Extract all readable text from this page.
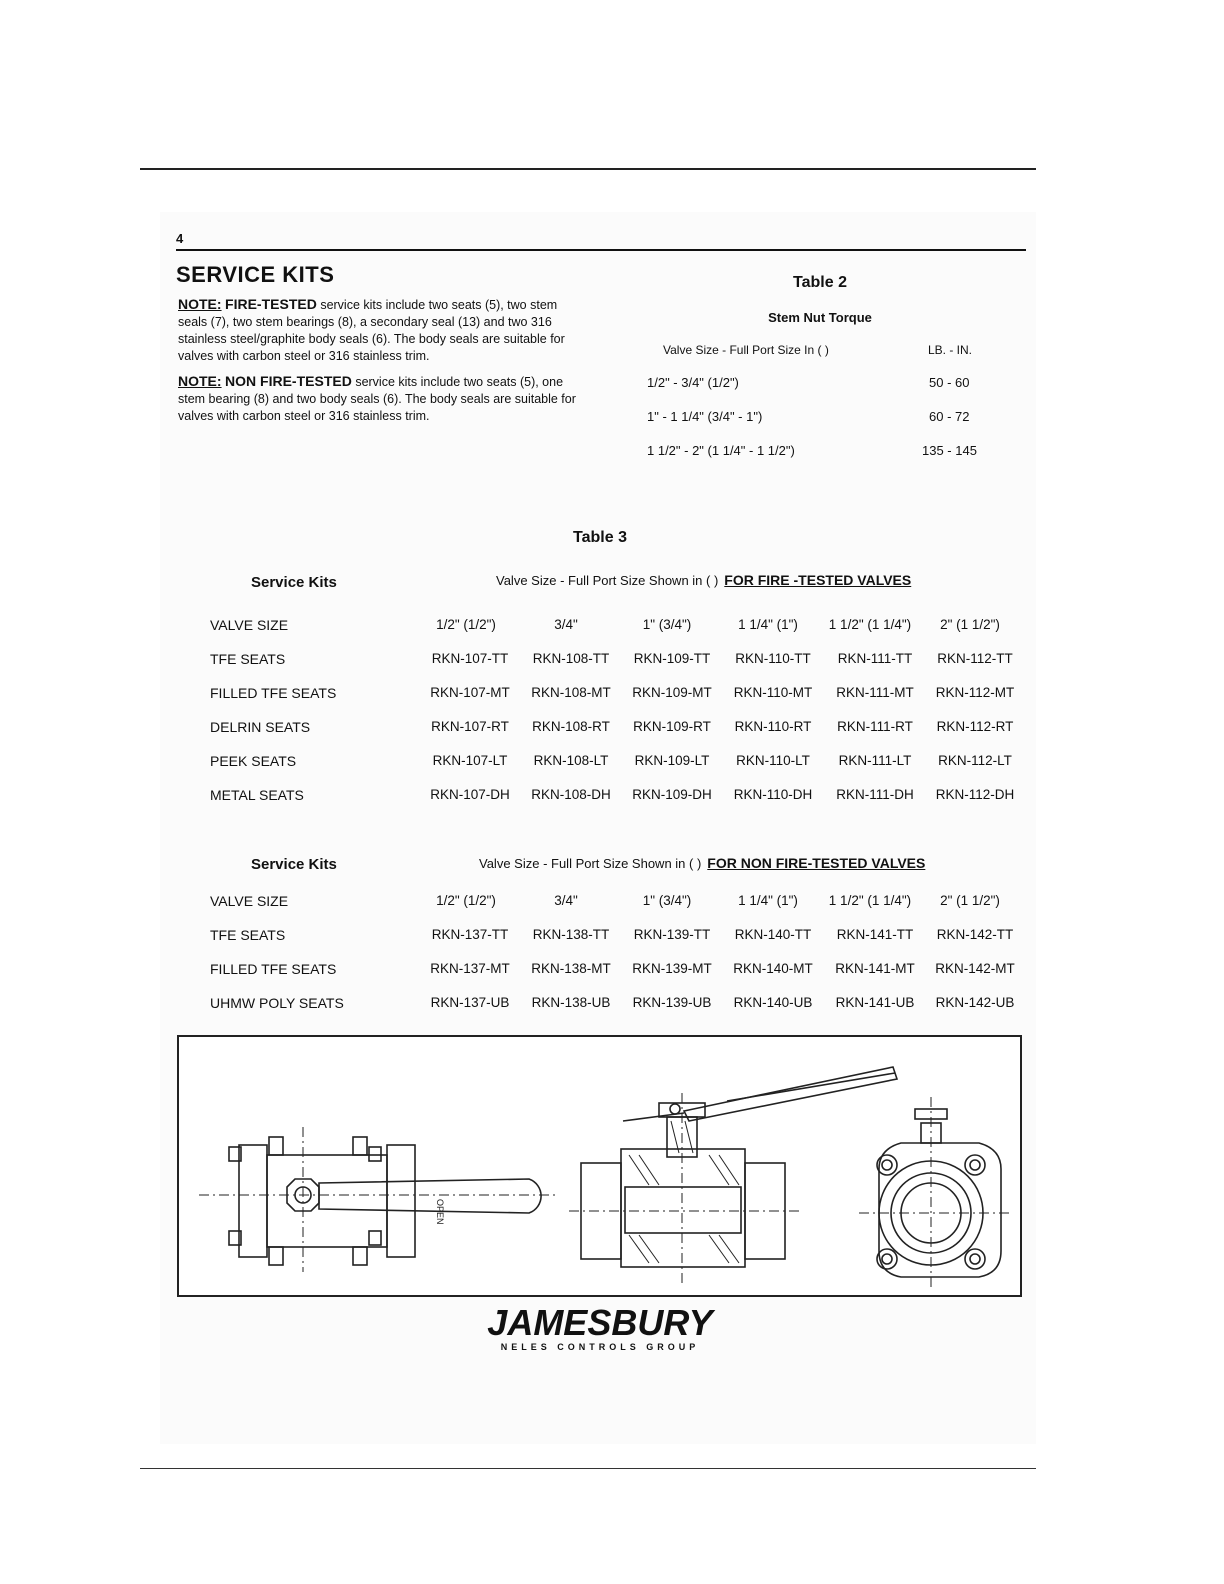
4
SERVICE KITS
NOTE: FIRE-TESTED service kits include two seats (5), two stem seals (7), two stem bearings (8), a secondary seal (13) and two 316 stainless steel/graphite body seals (6). The body seals are suitable for valves with carbon steel or 316 stainless trim.
NOTE: NON FIRE-TESTED service kits include two seats (5), one stem bearing (8) and two body seals (6). The body seals are suitable for valves with carbon steel or 316 stainless trim.
Table 2
Stem Nut Torque
Valve Size - Full Port Size In ( )	LB. - IN.
1/2" - 3/4" (1/2")	50 - 60
1" - 1 1/4" (3/4" - 1")	60 - 72
1 1/2" - 2" (1 1/4" - 1 1/2")	135 - 145
Table 3
Service Kits	Valve Size - Full Port Size Shown in ( ) FOR FIRE -TESTED VALVES
VALVE SIZE	1/2" (1/2")	3/4"	1" (3/4")	1 1/4" (1")	1 1/2" (1 1/4")	2" (1 1/2")
TFE SEATS	RKN-107-TT	RKN-108-TT	RKN-109-TT	RKN-110-TT	RKN-111-TT	RKN-112-TT
FILLED TFE SEATS	RKN-107-MT	RKN-108-MT	RKN-109-MT	RKN-110-MT	RKN-111-MT	RKN-112-MT
DELRIN SEATS	RKN-107-RT	RKN-108-RT	RKN-109-RT	RKN-110-RT	RKN-111-RT	RKN-112-RT
PEEK SEATS	RKN-107-LT	RKN-108-LT	RKN-109-LT	RKN-110-LT	RKN-111-LT	RKN-112-LT
METAL SEATS	RKN-107-DH	RKN-108-DH	RKN-109-DH	RKN-110-DH	RKN-111-DH	RKN-112-DH
Service Kits	Valve Size - Full Port Size Shown in ( ) FOR NON FIRE-TESTED VALVES
VALVE SIZE	1/2" (1/2")	3/4"	1" (3/4")	1 1/4" (1")	1 1/2" (1 1/4")	2" (1 1/2")
TFE SEATS	RKN-137-TT	RKN-138-TT	RKN-139-TT	RKN-140-TT	RKN-141-TT	RKN-142-TT
FILLED TFE SEATS	RKN-137-MT	RKN-138-MT	RKN-139-MT	RKN-140-MT	RKN-141-MT	RKN-142-MT
UHMW POLY SEATS	RKN-137-UB	RKN-138-UB	RKN-139-UB	RKN-140-UB	RKN-141-UB	RKN-142-UB
OPEN
JAMESBURY
NELES CONTROLS GROUP
